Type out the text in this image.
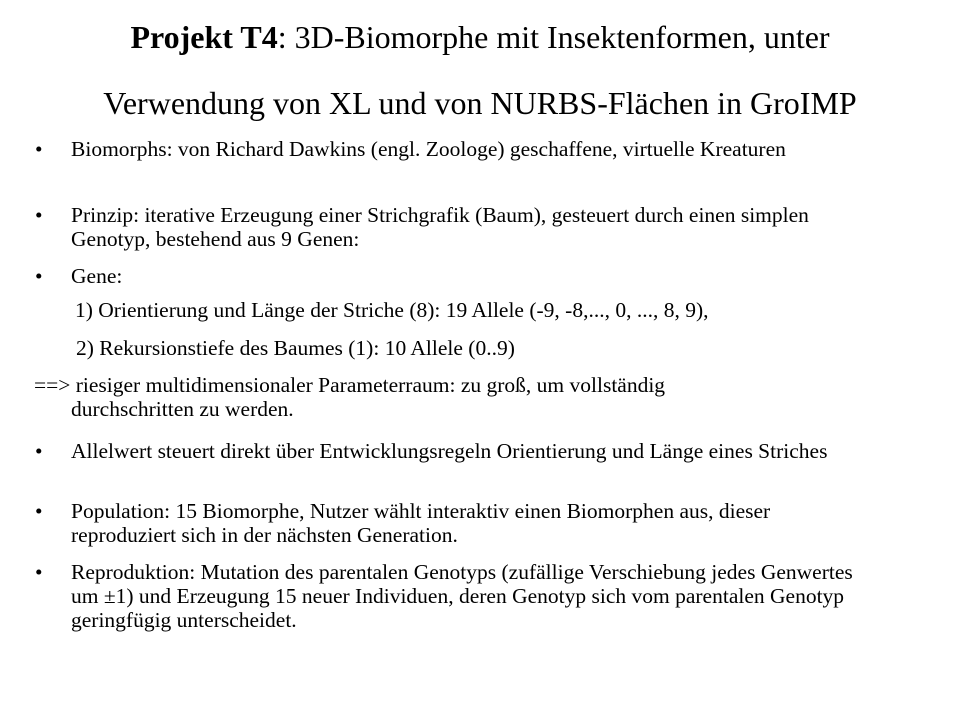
Projekt T4: 3D-Biomorphe mit Insektenformen, unter
Verwendung von XL und von NURBS-Flächen in GroIMP
• Biomorphs: von Richard Dawkins (engl. Zoologe) geschaffene, virtuelle Kreaturen
• Prinzip: iterative Erzeugung einer Strichgrafik (Baum), gesteuert durch einen simplen Genotyp, bestehend aus 9 Genen:
• Gene:
1) Orientierung und Länge der Striche (8): 19 Allele (-9, -8,..., 0, ..., 8, 9),
2) Rekursionstiefe des Baumes (1): 10 Allele (0..9)
==> riesiger multidimensionaler Parameterraum: zu groß, um vollständig
durchschritten zu werden.
• Allelwert steuert direkt über Entwicklungsregeln Orientierung und Länge eines Striches
• Population: 15 Biomorphe, Nutzer wählt interaktiv einen Biomorphen aus, dieser reproduziert sich in der nächsten Generation.
• Reproduktion: Mutation des parentalen Genotyps (zufällige Verschiebung jedes Genwertes um ±1) und Erzeugung 15 neuer Individuen, deren Genotyp sich vom parentalen Genotyp geringfügig unterscheidet.
